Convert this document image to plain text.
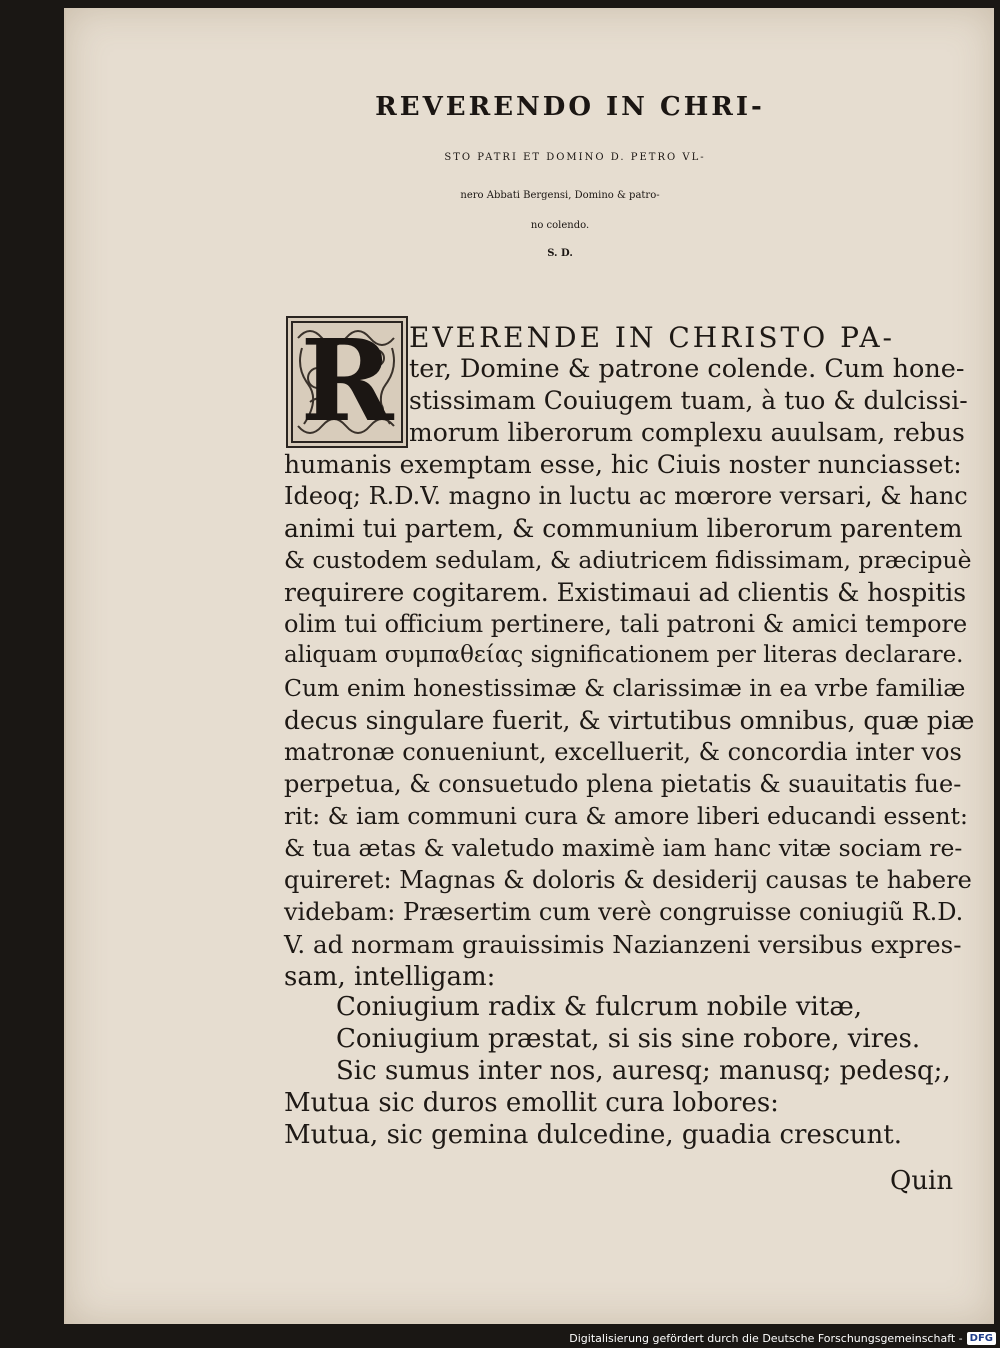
REVERENDO IN CHRI-
STO PATRI ET DOMINO D. PETRO VL-
nero Abbati Bergensi, Domino & patro-
no colendo.
S. D.
R EVERENDE IN CHRISTO PA-
ter, Domine & patrone colende. Cum hone-
stissimam Couiugem tuam, à tuo & dulcissi-
morum liberorum complexu auulsam, rebus
humanis exemptam esse, hic Ciuis noster nunciasset:
Ideoq; R.D.V. magno in luctu ac mœrore versari, & hanc
animi tui partem, & communium liberorum parentem
& custodem sedulam, & adiutricem fidissimam, præcipuè
requirere cogitarem. Existimaui ad clientis & hospitis
olim tui officium pertinere, tali patroni & amici tempore
aliquam συμπαθείας significationem per literas declarare.
Cum enim honestissimæ & clarissimæ in ea vrbe familiæ
decus singulare fuerit, & virtutibus omnibus, quæ piæ
matronæ conueniunt, excelluerit, & concordia inter vos
perpetua, & consuetudo plena pietatis & suauitatis fue-
rit: & iam communi cura & amore liberi educandi essent:
& tua ætas & valetudo maximè iam hanc vitæ sociam re-
quireret: Magnas & doloris & desiderij causas te habere
videbam: Præsertim cum verè congruisse coniugiũ R.D.
V. ad normam grauissimis Nazianzeni versibus expres-
sam, intelligam:
Coniugium radix & fulcrum nobile vitæ,
Coniugium præstat, si sis sine robore, vires.
Sic sumus inter nos, auresq; manusq; pedesq;,
Mutua sic duros emollit cura lobores:
Mutua, sic gemina dulcedine, guadia crescunt.
Quin
Digitalisierung gefördert durch die Deutsche Forschungsgemeinschaft - DFG
